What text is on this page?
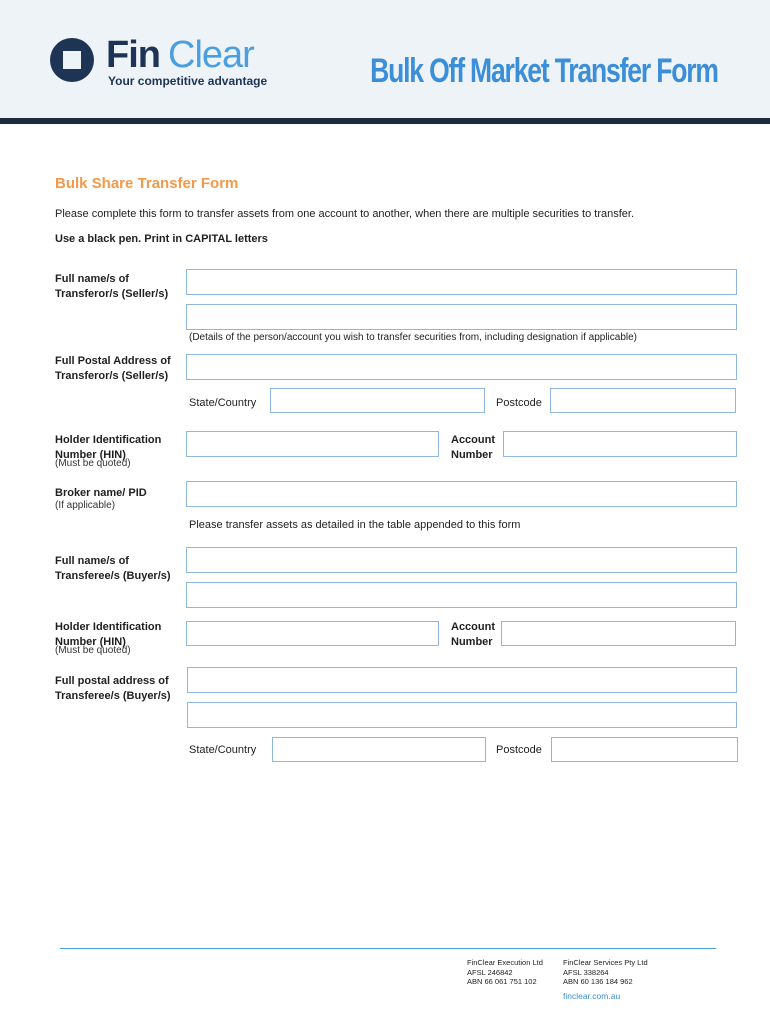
Fin Clear
Your competitive advantage	Bulk Off Market Transfer Form
Bulk Share Transfer Form
Please complete this form to transfer assets from one account to another, when there are multiple securities to transfer.
Use a black pen. Print in CAPITAL letters
Full name/s of
Transferor/s (Seller/s)
(Details of the person/account you wish to transfer securities from, including designation if applicable)
Full Postal Address of
Transferor/s (Seller/s)
State/Country	Postcode
Holder Identification
Number (HIN)
(Must be quoted)
Account
Number
Broker name/ PID
(If applicable)
Please transfer assets as detailed in the table appended to this form
Full name/s of
Transferee/s (Buyer/s)
Holder Identification
Number (HIN)
(Must be quoted)
Account
Number
Full postal address of
Transferee/s (Buyer/s)
State/Country	Postcode
FinClear Execution Ltd
AFSL 246842
ABN 66 061 751 102
FinClear Services Pty Ltd
AFSL 338264
ABN 60 136 184 962
finclear.com.au
